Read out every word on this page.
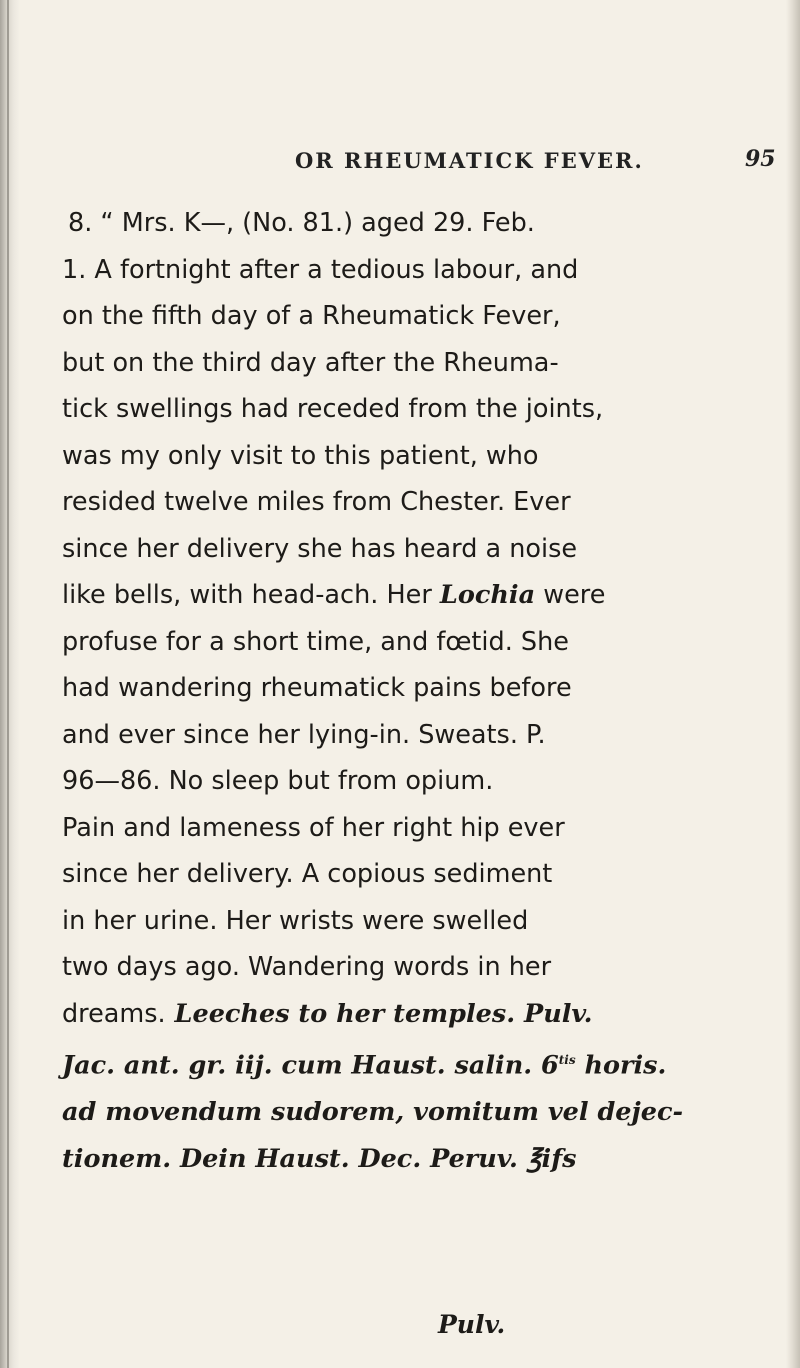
OR RHEUMATICK FEVER.	95
8. “ Mrs. K—, (No. 81.) aged 29. Feb.
1. A fortnight after a tedious labour, and
on the fifth day of a Rheumatick Fever,
but on the third day after the Rheuma-
tick swellings had receded from the joints,
was my only visit to this patient, who
resided twelve miles from Chester. Ever
since her delivery she has heard a noise
like bells, with head-ach. Her Lochia were
profuse for a short time, and fœtid. She
had wandering rheumatick pains before
and ever since her lying-in. Sweats. P.
96—86. No sleep but from opium.
Pain and lameness of her right hip ever
since her delivery. A copious sediment
in her urine. Her wrists were swelled
two days ago. Wandering words in her
dreams. Leeches to her temples. Pulv.
Jac. ant. gr. iij. cum Haust. salin. $6^{tis}$ horis.
ad movendum sudorem, vomitum vel dejec-
tionem. Dein Haust. Dec. Peruv. ℥ifs
Pulv.
